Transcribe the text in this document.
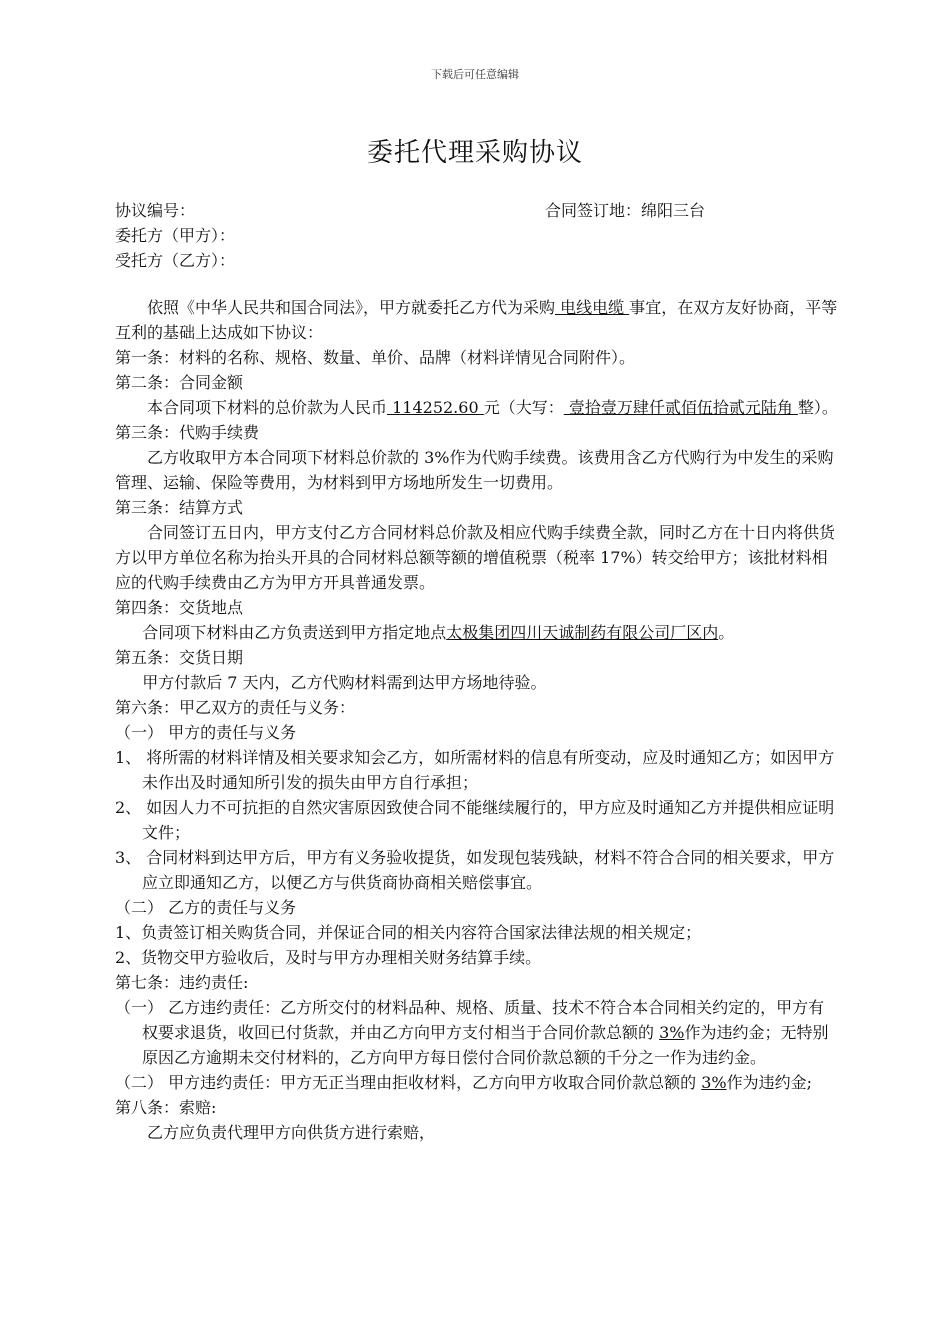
下载后可任意编辑
委托代理采购协议
协议编号：	合同签订地：绵阳三台

委托方（甲方）：

受托方（乙方）：

依照《中华人民共和国合同法》，甲方就委托乙方代为采购 电线电缆 事宜，在双方友好协商，平等互利的基础上达成如下协议：

第一条：材料的名称、规格、数量、单价、品牌（材料详情见合同附件）。

第二条：合同金额

本合同项下材料的总价款为人民币 114252.60 元（大写： 壹拾壹万肆仟贰佰伍拾贰元陆角 整）。

第三条：代购手续费

乙方收取甲方本合同项下材料总价款的 3%作为代购手续费。该费用含乙方代购行为中发生的采购管理、运输、保险等费用，为材料到甲方场地所发生一切费用。

第三条：结算方式

合同签订五日内，甲方支付乙方合同材料总价款及相应代购手续费全款，同时乙方在十日内将供货方以甲方单位名称为抬头开具的合同材料总额等额的增值税票（税率 17%）转交给甲方；该批材料相应的代购手续费由乙方为甲方开具普通发票。

第四条：交货地点

合同项下材料由乙方负责送到甲方指定地点太极集团四川天诚制药有限公司厂区内。

第五条：交货日期

甲方付款后 7 天内，乙方代购材料需到达甲方场地待验。

第六条：甲乙双方的责任与义务：

（一） 甲方的责任与义务

1、 将所需的材料详情及相关要求知会乙方，如所需材料的信息有所变动，应及时通知乙方；如因甲方未作出及时通知所引发的损失由甲方自行承担；

2、 如因人力不可抗拒的自然灾害原因致使合同不能继续履行的，甲方应及时通知乙方并提供相应证明文件；

3、 合同材料到达甲方后，甲方有义务验收提货，如发现包装残缺，材料不符合合同的相关要求，甲方应立即通知乙方，以便乙方与供货商协商相关赔偿事宜。

（二） 乙方的责任与义务

1、负责签订相关购货合同，并保证合同的相关内容符合国家法律法规的相关规定；

2、货物交甲方验收后，及时与甲方办理相关财务结算手续。

第七条：违约责任:

（一） 乙方违约责任：乙方所交付的材料品种、规格、质量、技术不符合本合同相关约定的，甲方有权要求退货，收回已付货款，并由乙方向甲方支付相当于合同价款总额的 3%作为违约金；无特别原因乙方逾期未交付材料的，乙方向甲方每日偿付合同价款总额的千分之一作为违约金。

（二） 甲方违约责任：甲方无正当理由拒收材料，乙方向甲方收取合同价款总额的 3%作为违约金;

第八条：索赔:

乙方应负责代理甲方向供货方进行索赔，
